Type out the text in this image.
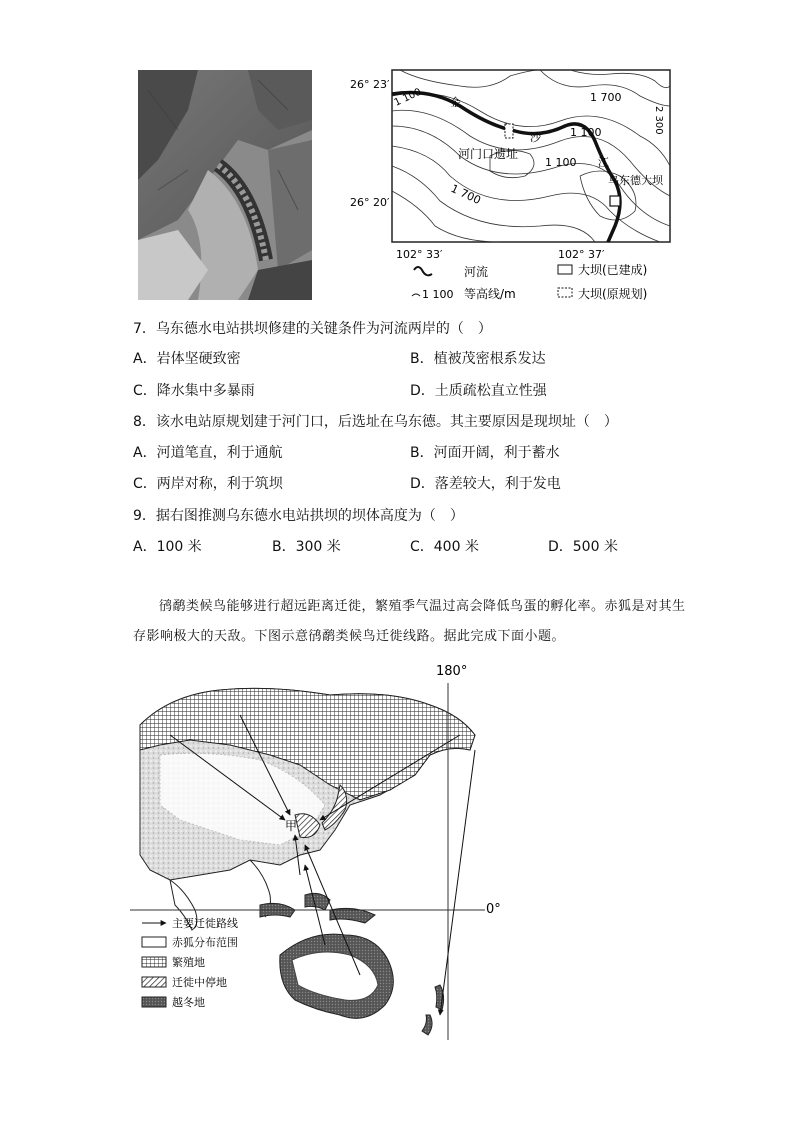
26° 23′
26° 20′
102° 33′	102° 37′
1 100	1 700
2 300
1 100
1 100
1 700
金
沙
江
河门口遗址
乌东德大坝
河流	大坝(已建成)
1 100 等高线/m	大坝(原规划)
7．乌东德水电站拱坝修建的关键条件为河流两岸的（　）
A．岩体坚硬致密	B．植被茂密根系发达
C．降水集中多暴雨	D．土质疏松直立性强
8．该水电站原规划建于河门口，后选址在乌东德。其主要原因是现坝址（　）
A．河道笔直，利于通航	B．河面开阔，利于蓄水
C．两岸对称，利于筑坝	D．落差较大，利于发电
9．据右图推测乌东德水电站拱坝的坝体高度为（　）
A．100 米	B．300 米	C．400 米	D．500 米
鸻鹬类候鸟能够进行超远距离迁徙，繁殖季气温过高会降低鸟蛋的孵化率。赤狐是对其生存影响极大的天敌。下图示意鸻鹬类候鸟迁徙线路。据此完成下面小题。
180°
0°
甲
主要迁徙路线
赤狐分布范围
繁殖地
迁徙中停地
越冬地
